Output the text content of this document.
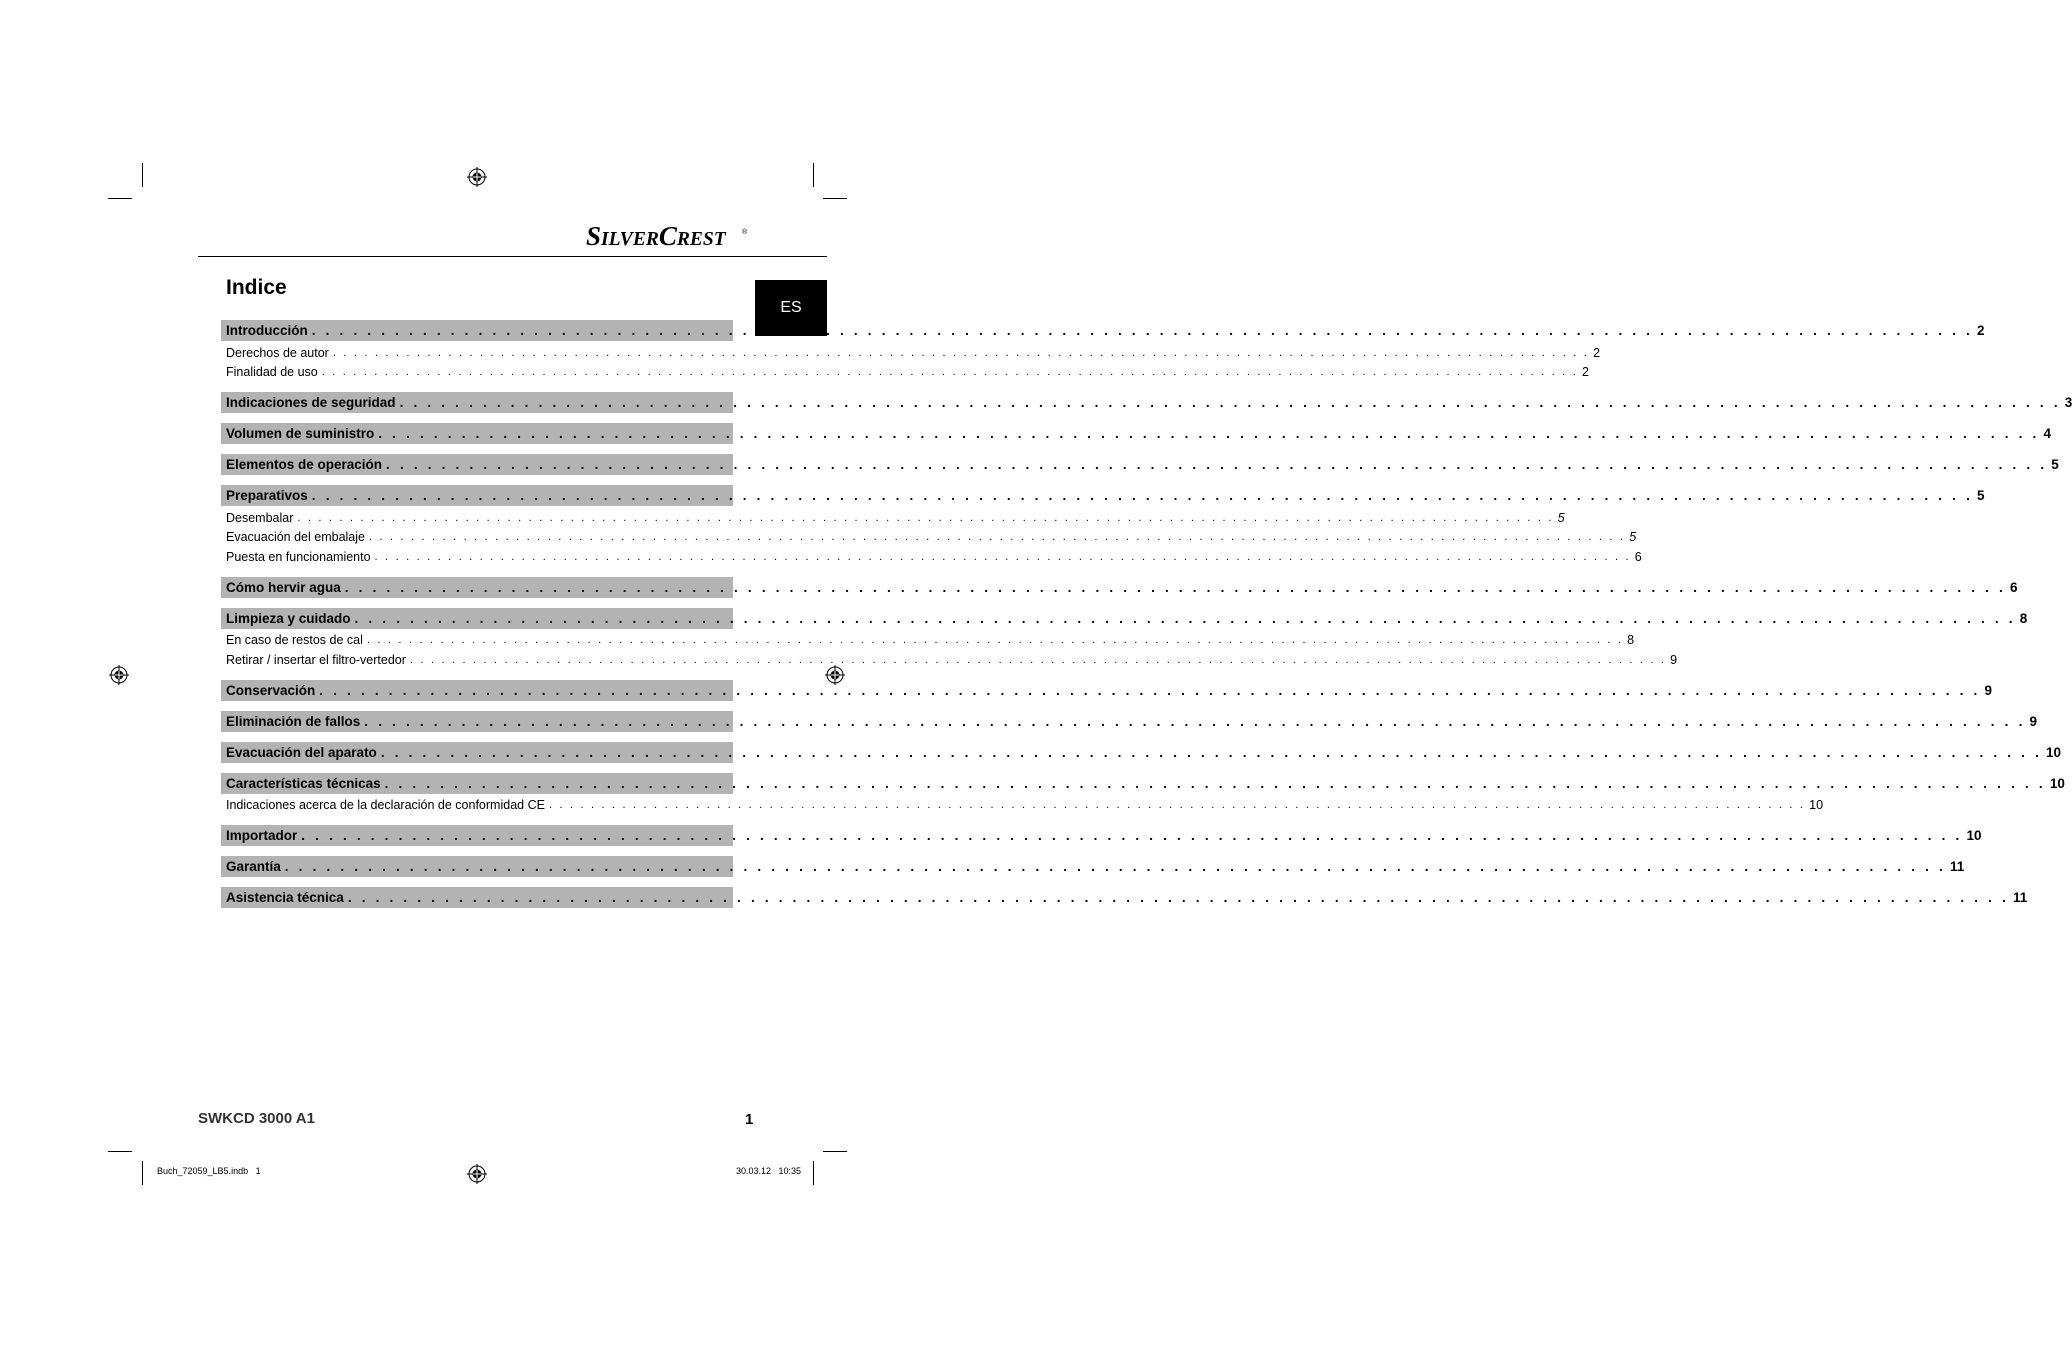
SILVERCREST ®
ES
Indice
Introducción . . . . . . . . . . . . . . . . . . . . . . . . . . . . . . . . . . . . . . . . . . . . . . . . . . . . . . . . . . . . . . . . . . . . . . . . . . . . . . . . . . . . . . . . . . . . . . . . . . . . . . . . . . . . . . . . . . . . . . . . 2
Derechos de autor . . . . . . . . . . . . . . . . . . . . . . . . . . . . . . . . . . . . . . . . . . . . . . . . . . . . . . . . . . . . . . . . . . . . . . . . . . . . . . . . . . . . . . . . . . . . . . . . . . . . . . . . . . . . . . . . . . . . . . . . 2
Finalidad de uso . . . . . . . . . . . . . . . . . . . . . . . . . . . . . . . . . . . . . . . . . . . . . . . . . . . . . . . . . . . . . . . . . . . . . . . . . . . . . . . . . . . . . . . . . . . . . . . . . . . . . . . . . . . . . . . . . . . . . . . . 2
Indicaciones de seguridad . . . . . . . . . . . . . . . . . . . . . . . . . . . . . . . . . . . . . . . . . . . . . . . . . . . . . . . . . . . . . . . . . . . . . . . . . . . . . . . . . . . . . . . . . . . . . . . . . . . . . . . . . . . . . . . . . . . . . . . . 3
Volumen de suministro . . . . . . . . . . . . . . . . . . . . . . . . . . . . . . . . . . . . . . . . . . . . . . . . . . . . . . . . . . . . . . . . . . . . . . . . . . . . . . . . . . . . . . . . . . . . . . . . . . . . . . . . . . . . . . . . . . . . . . . . 4
Elementos de operación . . . . . . . . . . . . . . . . . . . . . . . . . . . . . . . . . . . . . . . . . . . . . . . . . . . . . . . . . . . . . . . . . . . . . . . . . . . . . . . . . . . . . . . . . . . . . . . . . . . . . . . . . . . . . . . . . . . . . . . . 5
Preparativos . . . . . . . . . . . . . . . . . . . . . . . . . . . . . . . . . . . . . . . . . . . . . . . . . . . . . . . . . . . . . . . . . . . . . . . . . . . . . . . . . . . . . . . . . . . . . . . . . . . . . . . . . . . . . . . . . . . . . . . . 5
Desembalar . . . . . . . . . . . . . . . . . . . . . . . . . . . . . . . . . . . . . . . . . . . . . . . . . . . . . . . . . . . . . . . . . . . . . . . . . . . . . . . . . . . . . . . . . . . . . . . . . . . . . . . . . . . . . . . . . . . . . . . . 5
Evacuación del embalaje . . . . . . . . . . . . . . . . . . . . . . . . . . . . . . . . . . . . . . . . . . . . . . . . . . . . . . . . . . . . . . . . . . . . . . . . . . . . . . . . . . . . . . . . . . . . . . . . . . . . . . . . . . . . . . . . . . . . . . . . 5
Puesta en funcionamiento . . . . . . . . . . . . . . . . . . . . . . . . . . . . . . . . . . . . . . . . . . . . . . . . . . . . . . . . . . . . . . . . . . . . . . . . . . . . . . . . . . . . . . . . . . . . . . . . . . . . . . . . . . . . . . . . . . . . . . . . 6
Cómo hervir agua . . . . . . . . . . . . . . . . . . . . . . . . . . . . . . . . . . . . . . . . . . . . . . . . . . . . . . . . . . . . . . . . . . . . . . . . . . . . . . . . . . . . . . . . . . . . . . . . . . . . . . . . . . . . . . . . . . . . . . . . 6
Limpieza y cuidado . . . . . . . . . . . . . . . . . . . . . . . . . . . . . . . . . . . . . . . . . . . . . . . . . . . . . . . . . . . . . . . . . . . . . . . . . . . . . . . . . . . . . . . . . . . . . . . . . . . . . . . . . . . . . . . . . . . . . . . . 8
En caso de restos de cal . . . . . . . . . . . . . . . . . . . . . . . . . . . . . . . . . . . . . . . . . . . . . . . . . . . . . . . . . . . . . . . . . . . . . . . . . . . . . . . . . . . . . . . . . . . . . . . . . . . . . . . . . . . . . . . . . . . . . . . . 8
Retirar / insertar el filtro-vertedor . . . . . . . . . . . . . . . . . . . . . . . . . . . . . . . . . . . . . . . . . . . . . . . . . . . . . . . . . . . . . . . . . . . . . . . . . . . . . . . . . . . . . . . . . . . . . . . . . . . . . . . . . . . . . . . . . . . . . . . . 9
Conservación . . . . . . . . . . . . . . . . . . . . . . . . . . . . . . . . . . . . . . . . . . . . . . . . . . . . . . . . . . . . . . . . . . . . . . . . . . . . . . . . . . . . . . . . . . . . . . . . . . . . . . . . . . . . . . . . . . . . . . . . 9
Eliminación de fallos . . . . . . . . . . . . . . . . . . . . . . . . . . . . . . . . . . . . . . . . . . . . . . . . . . . . . . . . . . . . . . . . . . . . . . . . . . . . . . . . . . . . . . . . . . . . . . . . . . . . . . . . . . . . . . . . . . . . . . . . 9
Evacuación del aparato . . . . . . . . . . . . . . . . . . . . . . . . . . . . . . . . . . . . . . . . . . . . . . . . . . . . . . . . . . . . . . . . . . . . . . . . . . . . . . . . . . . . . . . . . . . . . . . . . . . . . . . . . . . . . . . . . . . . . . . . 10
Características técnicas . . . . . . . . . . . . . . . . . . . . . . . . . . . . . . . . . . . . . . . . . . . . . . . . . . . . . . . . . . . . . . . . . . . . . . . . . . . . . . . . . . . . . . . . . . . . . . . . . . . . . . . . . . . . . . . . . . . . . . . . 10
Indicaciones acerca de la declaración de conformidad CE . . . . . . . . . . . . . . . . . . . . . . . . . . . . . . . . . . . . . . . . . . . . . . . . . . . . . . . . . . . . . . . . . . . . . . . . . . . . . . . . . . . . . . . . . . . . . . . . . . . . . . . . . . . . . . . . . . . . . . . . 10
Importador . . . . . . . . . . . . . . . . . . . . . . . . . . . . . . . . . . . . . . . . . . . . . . . . . . . . . . . . . . . . . . . . . . . . . . . . . . . . . . . . . . . . . . . . . . . . . . . . . . . . . . . . . . . . . . . . . . . . . . . . 10
Garantía . . . . . . . . . . . . . . . . . . . . . . . . . . . . . . . . . . . . . . . . . . . . . . . . . . . . . . . . . . . . . . . . . . . . . . . . . . . . . . . . . . . . . . . . . . . . . . . . . . . . . . . . . . . . . . . . . . . . . . . . 11
Asistencia técnica . . . . . . . . . . . . . . . . . . . . . . . . . . . . . . . . . . . . . . . . . . . . . . . . . . . . . . . . . . . . . . . . . . . . . . . . . . . . . . . . . . . . . . . . . . . . . . . . . . . . . . . . . . . . . . . . . . . . . . . . 11
SWKCD 3000 A1	1
Buch_72059_LB5.indb   1	30.03.12   10:35
